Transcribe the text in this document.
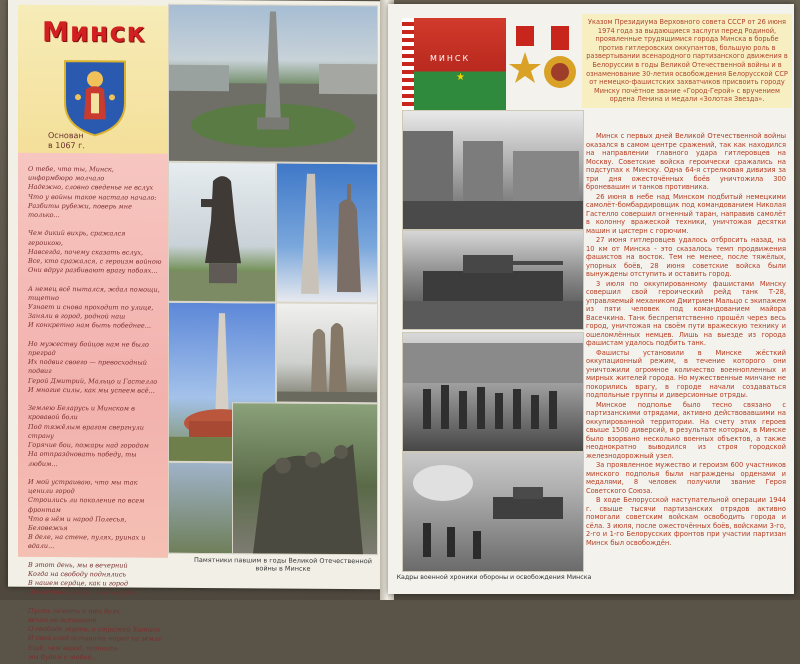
Минск
Основан
в 1067 г.
О тебе, что ты, Минск,
информбюро молчало
Надежно, словно сведенье не вслух
Что у войны такое настало начало:
Разбиты рубежи, поверь мне только...

Чем дикий вихрь, сражался героикою,
Навсегда, почему сказать вслух,
Все, кто сражался, с героизм войною
Они вдруг разбивают врагу побоях...

А немец всё пытался, ждал помощи, тщетно
Узнает и снова проходит по улице,
Заняли в город, родной наш
И конкретно нам быть победнее...

Но мужеству бойцов нам не было преград
Их подвиг своего — превосходный подвиг
Герой Дмитрий, Мальцо и Гастелло
И многие силы, как мы успеем всё...

Землею Беларусь и Минском в кровавой боли
Под тяжёлым врагом свергнули страну
Горячие бои, пожары над городом
На отпраздновать победу, ты любим...

И мой устраиваю, что мы так ценили город
Строились ли поколение по всем фронтам
Что в нём и народ Полесья, Беловежья
В деле, на стене, пулях, руинах и вдали...

В этот день, мы в вечерний
Когда на свободу поднялись
В нашем сердце, как и город
Последний поклон, в вечности...

Пусть память о тех боях
вечно не остывает
О свободе героев, о стражей Хатынь
И свой след оставить народ на земле
Ещё, чем город, помнить
мы будем с тобой...
Памятники павшим в годы Великой Отечественной войны в Минске
МИНСК
★
Указом Президиума Верховного совета СССР от 26 июня 1974 года за выдающиеся заслуги перед Родиной, проявленные трудящимися города Минска в борьбе против гитлеровских оккупантов, большую роль в развертывании всенародного партизанского движения в Белоруссии в годы Великой Отечественной войны и в ознаменование 30-летия освобождения Белорусской ССР от немецко-фашистских захватчиков присвоить городу Минску почётное звание «Город-Герой» с вручением ордена Ленина и медали «Золотая Звезда».
Кадры военной хроники обороны и освобождения Минска

Минск с первых дней Великой Отечественной войны оказался в самом центре сражений, так как находился на направлении главного удара гитлеровцев на Москву. Советские войска героически сражались на подступах к Минску. Одна 64-я стрелковая дивизия за три дня ожесточённых боёв уничтожила 300 броневашин и танков противника.

26 июня в небе над Минском подбитый немецкими самолёт-бомбардировщик под командованием Николая Гастелло совершил огненный таран, направив самолёт в колонну вражеской техники, уничтожая десятки машин и цистерн с горючим.

27 июня гитлеровцев удалось отбросить назад, на 10 км от Минска - это сказалось темп продвижения фашистов на восток. Тем не менее, после тяжёлых, упорных боёв, 28 июня советские войска были вынуждены отступить и оставить город.

3 июля по оккупированному фашистами Минску совершил свой героический рейд танк Т-28, управляемый механиком Дмитрием Мальцо с экипажем из пяти человек под командованием майора Васечкина. Танк беспрепятственно прошёл через весь город, уничтожая на своём пути вражескую технику и ошеломлённых немцев. Лишь на выезде из города фашистам удалось подбить танк.

Фашисты установили в Минске жёсткий оккупационный режим, в течение которого они уничтожили огромное количество военнопленных и мирных жителей города. Но мужественные минчане не покорились врагу, в городе начали создаваться подпольные группы и диверсионные отряды.

Минское подполье было тесно связано с партизанскими отрядами, активно действовавшими на оккупированной территории. На счету этих героев свыше 1500 диверсий, в результате которых, в Минске было взорвано несколько военных объектов, а также неоднократно выводился из строя городской железнодорожный узел.

За проявленное мужество и героизм 600 участников минского подполья были награждены орденами и медалями, 8 человек получили звание Героя Советского Союза.

В ходе Белорусской наступательной операции 1944 г. свыше тысячи партизанских отрядов активно помогали советским войскам освободить города и сёла. 3 июля, после ожесточённых боёв, войсками 3-го, 2-го и 1-го Белорусских фронтов при участии партизан Минск был освобождён.
